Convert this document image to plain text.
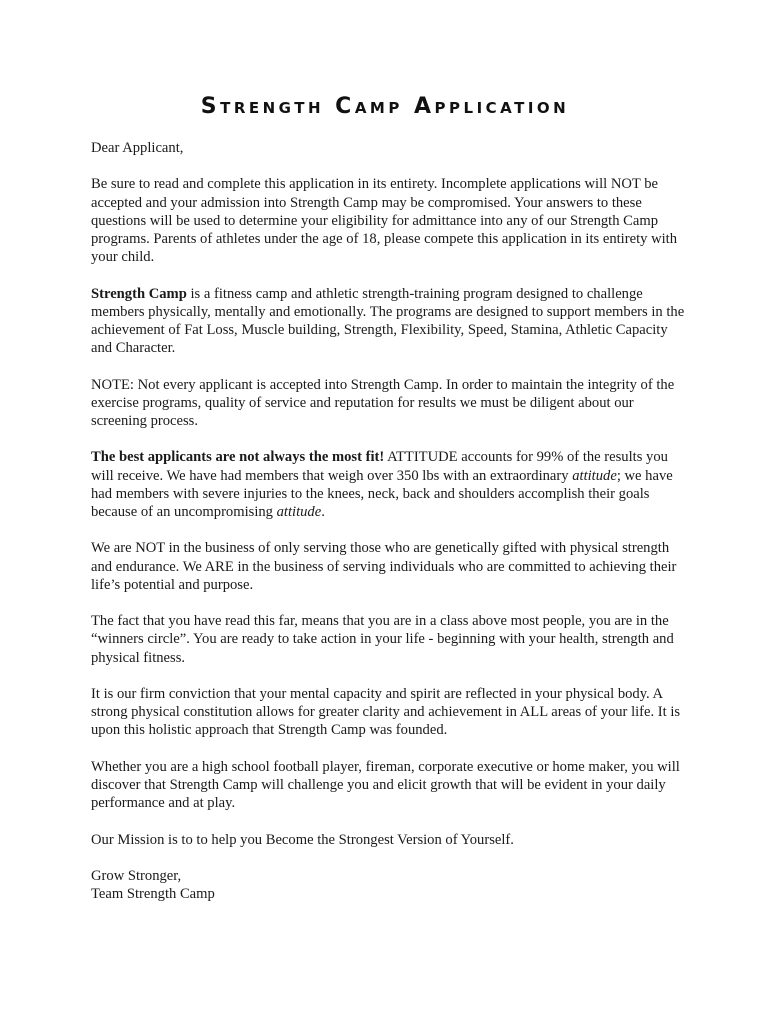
Strength Camp Application

Dear Applicant,

Be sure to read and complete this application in its entirety. Incomplete applications will NOT be accepted and your admission into Strength Camp may be compromised. Your answers to these questions will be used to determine your eligibility for admittance into any of our Strength Camp programs. Parents of athletes under the age of 18, please compete this application in its entirety with your child.

Strength Camp is a fitness camp and athletic strength-training program designed to challenge members physically, mentally and emotionally. The programs are designed to support members in the achievement of Fat Loss, Muscle building, Strength, Flexibility, Speed, Stamina, Athletic Capacity and Character.

NOTE: Not every applicant is accepted into Strength Camp. In order to maintain the integrity of the exercise programs, quality of service and reputation for results we must be diligent about our screening process.

The best applicants are not always the most fit! ATTITUDE accounts for 99% of the results you will receive. We have had members that weigh over 350 lbs with an extraordinary attitude; we have had members with severe injuries to the knees, neck, back and shoulders accomplish their goals because of an uncompromising attitude.

We are NOT in the business of only serving those who are genetically gifted with physical strength and endurance. We ARE in the business of serving individuals who are committed to achieving their life’s potential and purpose.

The fact that you have read this far, means that you are in a class above most people, you are in the “winners circle”. You are ready to take action in your life - beginning with your health, strength and physical fitness.

It is our firm conviction that your mental capacity and spirit are reflected in your physical body. A strong physical constitution allows for greater clarity and achievement in ALL areas of your life. It is upon this holistic approach that Strength Camp was founded.

Whether you are a high school football player, fireman, corporate executive or home maker, you will discover that Strength Camp will challenge you and elicit growth that will be evident in your daily performance and at play.

Our Mission is to to help you Become the Strongest Version of Yourself.

Grow Stronger,

Team Strength Camp
